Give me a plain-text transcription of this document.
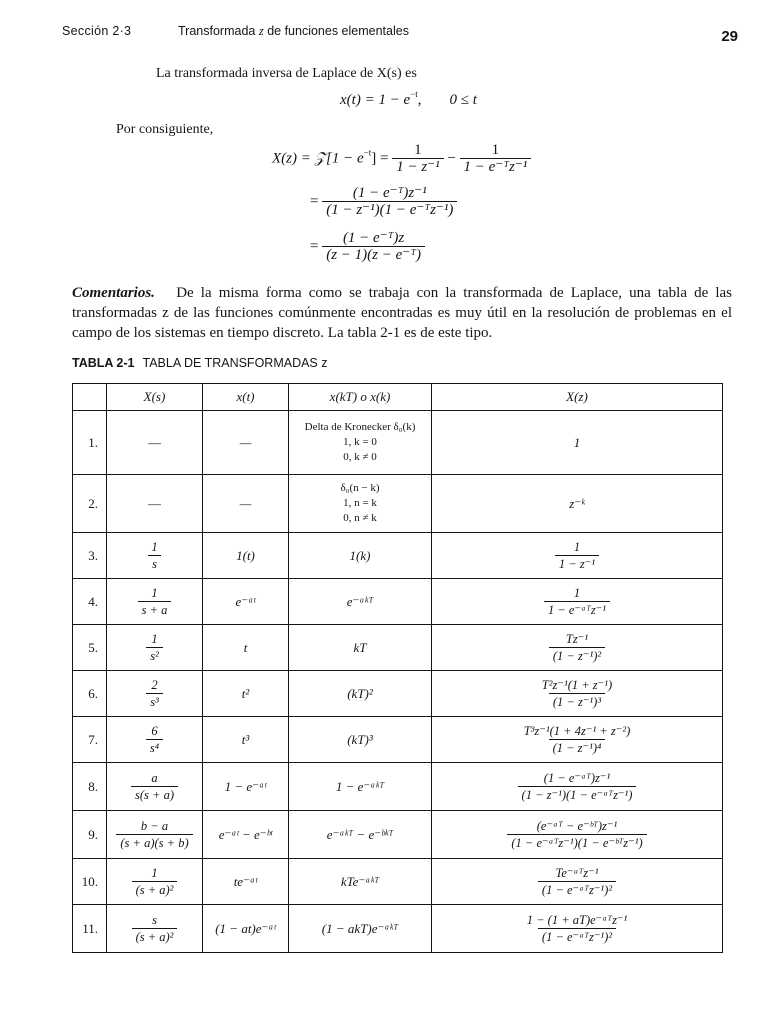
Sección 2·3	Transformada z de funciones elementales	29
La transformada inversa de Laplace de X(s) es
$x(t) = 1 - e^{-t}$, 0 ≤ t
Por consiguiente,
X(z) = 𝒵[1 − $e^{-t}] = \frac{1}{\text{1 − z⁻¹}} - \frac{1}{\text{1 − e⁻ᵀz⁻¹}}$
= $\frac{\text{(1 − e⁻ᵀ)z⁻¹}}{\text{(1 − z⁻¹)(1 − e⁻ᵀz⁻¹)}}$
= $\frac{\text{(1 − e⁻ᵀ)z}}{\text{(z − 1)(z − e⁻ᵀ)}}$
Comentarios. De la misma forma como se trabaja con la transformada de Laplace, una tabla de las transformadas z de las funciones comúnmente encontradas es muy útil en la resolución de problemas en el campo de los sistemas en tiempo discreto. La tabla 2-1 es de este tipo.
TABLA 2-1 TABLA DE TRANSFORMADAS z
	X(s)	x(t)	x(kT) o x(k)	X(z)
1.	—	—	Delta de Kronecker δ₀(k)
1, k = 0
0, k ≠ 0	1
2.	—	—	δ₀(n − k)
1, n = k
0, n ≠ k	z⁻ᵏ
3.	$\frac{1}{s}$	1(t)	1(k)	$\frac{1}{\text{1 − z⁻¹}}$

4.	$\frac{1}{s + a}$	e⁻ᵃᵗ	e⁻ᵃᵏᵀ	$\frac{1}{\text{1 − e⁻ᵃᵀz⁻¹}}$

5.	$\frac{1}{\text{s²}}$	t	kT	$\frac{\text{Tz⁻¹}}{\text{(1 − z⁻¹)²}}$

6.	$\frac{2}{\text{s³}}$	t²	(kT)²	$\frac{\text{T²z⁻¹(1 + z⁻¹)}}{\text{(1 − z⁻¹)³}}$

7.	$\frac{6}{\text{s⁴}}$	t³	(kT)³	$\frac{\text{T³z⁻¹(1 + 4z⁻¹ + z⁻²)}}{\text{(1 − z⁻¹)⁴}}$

8.	$\frac{a}{s(s + a)}$	1 − e⁻ᵃᵗ	1 − e⁻ᵃᵏᵀ	$\frac{\text{(1 − e⁻ᵃᵀ)z⁻¹}}{\text{(1 − z⁻¹)(1 − e⁻ᵃᵀz⁻¹)}}$

9.	$\frac{b - a}{(s + a)(s + b)}$	e⁻ᵃᵗ − e⁻ᵇᵗ	e⁻ᵃᵏᵀ − e⁻ᵇᵏᵀ	$\frac{\text{(e⁻ᵃᵀ − e⁻ᵇᵀ)z⁻¹}}{\text{(1 − e⁻ᵃᵀz⁻¹)(1 − e⁻ᵇᵀz⁻¹)}}$

10.	$\frac{1}{\text{(s + a)²}}$	te⁻ᵃᵗ	kTe⁻ᵃᵏᵀ	$\frac{\text{Te⁻ᵃᵀz⁻¹}}{\text{(1 − e⁻ᵃᵀz⁻¹)²}}$

11.	$\frac{s}{\text{(s + a)²}}$	(1 − at)e⁻ᵃᵗ	(1 − akT)e⁻ᵃᵏᵀ	$\frac{\text{1 − (1 + aT)e⁻ᵃᵀz⁻¹}}{\text{(1 − e⁻ᵃᵀz⁻¹)²}}$
